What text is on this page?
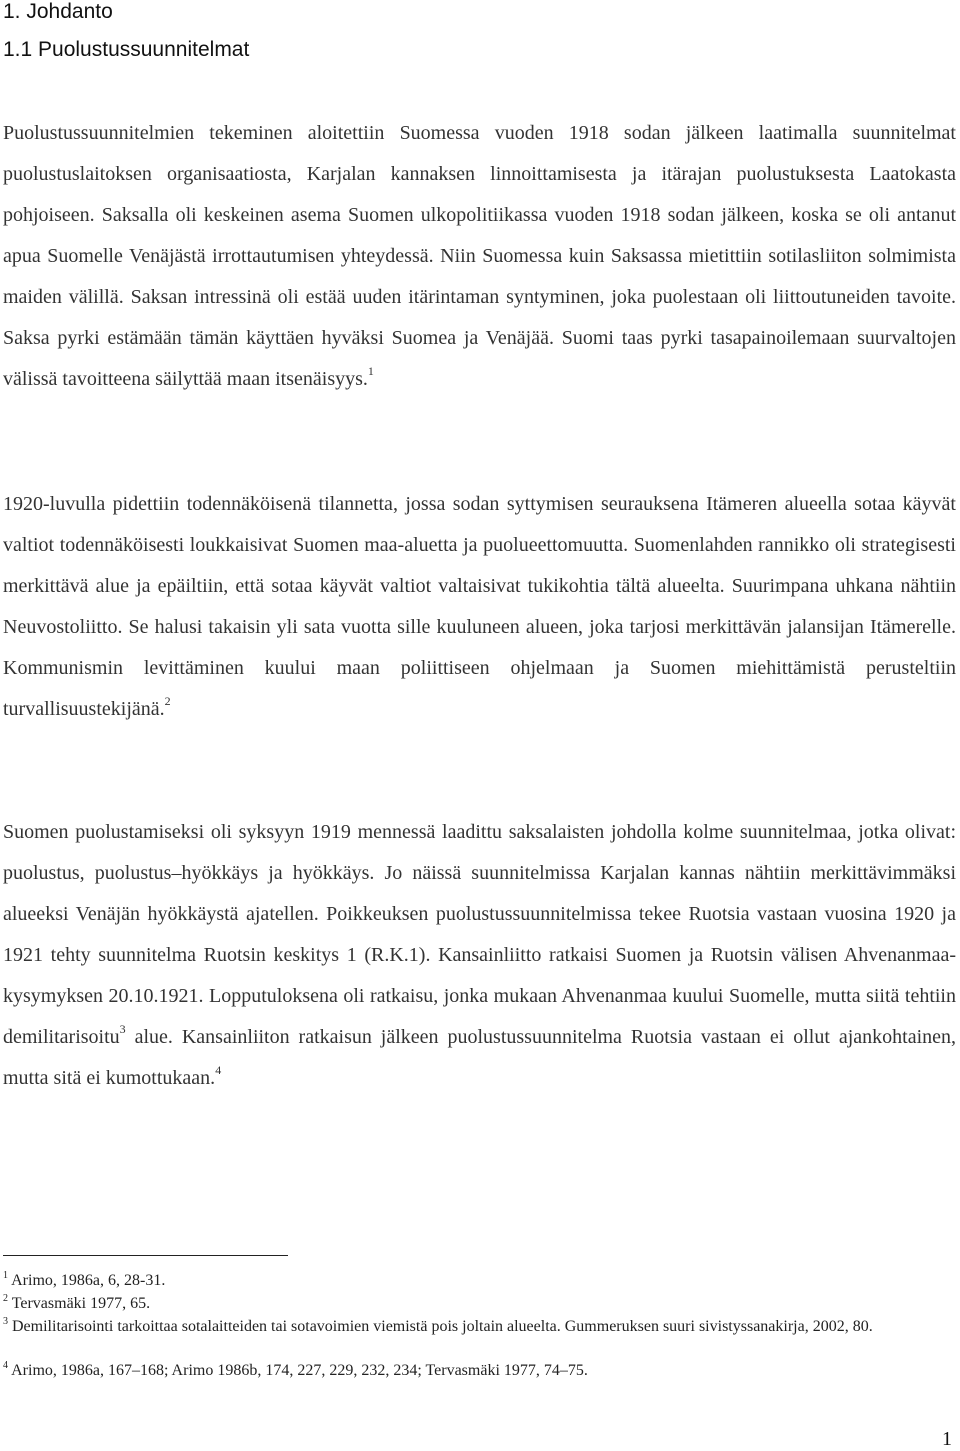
1. Johdanto
1.1 Puolustussuunnitelmat

Puolustussuunnitelmien tekeminen aloitettiin Suomessa vuoden 1918 sodan jälkeen laatimalla suunnitelmat puolustuslaitoksen organisaatiosta, Karjalan kannaksen linnoittamisesta ja itärajan puolustuksesta Laatokasta pohjoiseen. Saksalla oli keskeinen asema Suomen ulkopolitiikassa vuoden 1918 sodan jälkeen, koska se oli antanut apua Suomelle Venäjästä irrottautumisen yhteydessä. Niin Suomessa kuin Saksassa mietittiin sotilasliiton solmimista maiden välillä. Saksan intressinä oli estää uuden itärintaman syntyminen, joka puolestaan oli liittoutuneiden tavoite. Saksa pyrki estämään tämän käyttäen hyväksi Suomea ja Venäjää. Suomi taas pyrki tasapainoilemaan suurvaltojen välissä tavoitteena säilyttää maan itsenäisyys.$^1$

1920-luvulla pidettiin todennäköisenä tilannetta, jossa sodan syttymisen seurauksena Itämeren alueella sotaa käyvät valtiot todennäköisesti loukkaisivat Suomen maa-aluetta ja puolueettomuutta. Suomenlahden rannikko oli strategisesti merkittävä alue ja epäiltiin, että sotaa käyvät valtiot valtaisivat tukikohtia tältä alueelta. Suurimpana uhkana nähtiin Neuvostoliitto. Se halusi takaisin yli sata vuotta sille kuuluneen alueen, joka tarjosi merkittävän jalansijan Itämerelle. Kommunismin levittäminen kuului maan poliittiseen ohjelmaan ja Suomen miehittämistä perusteltiin turvallisuustekijänä.$^2$

Suomen puolustamiseksi oli syksyyn 1919 mennessä laadittu saksalaisten johdolla kolme suunnitelmaa, jotka olivat: puolustus, puolustus–hyökkäys ja hyökkäys. Jo näissä suunnitelmissa Karjalan kannas nähtiin merkittävimmäksi alueeksi Venäjän hyökkäystä ajatellen. Poikkeuksen puolustussuunnitelmissa tekee Ruotsia vastaan vuosina 1920 ja 1921 tehty suunnitelma Ruotsin keskitys 1 (R.K.1). Kansainliitto ratkaisi Suomen ja Ruotsin välisen Ahvenanmaa-kysymyksen 20.10.1921. Lopputuloksena oli ratkaisu, jonka mukaan Ahvenanmaa kuului Suomelle, mutta siitä tehtiin demilitarisoitu$^3$ alue. Kansainliiton ratkaisun jälkeen puolustussuunnitelma Ruotsia vastaan ei ollut ajankohtainen, mutta sitä ei kumottukaan.$^4$

$^1$ Arimo, 1986a, 6, 28-31.

$^2$ Tervasmäki 1977, 65.

$^3$ Demilitarisointi tarkoittaa sotalaitteiden tai sotavoimien viemistä pois joltain alueelta. Gummeruksen suuri sivistyssanakirja, 2002, 80.

$^4$ Arimo, 1986a, 167–168; Arimo 1986b, 174, 227, 229, 232, 234; Tervasmäki 1977, 74–75.

1
